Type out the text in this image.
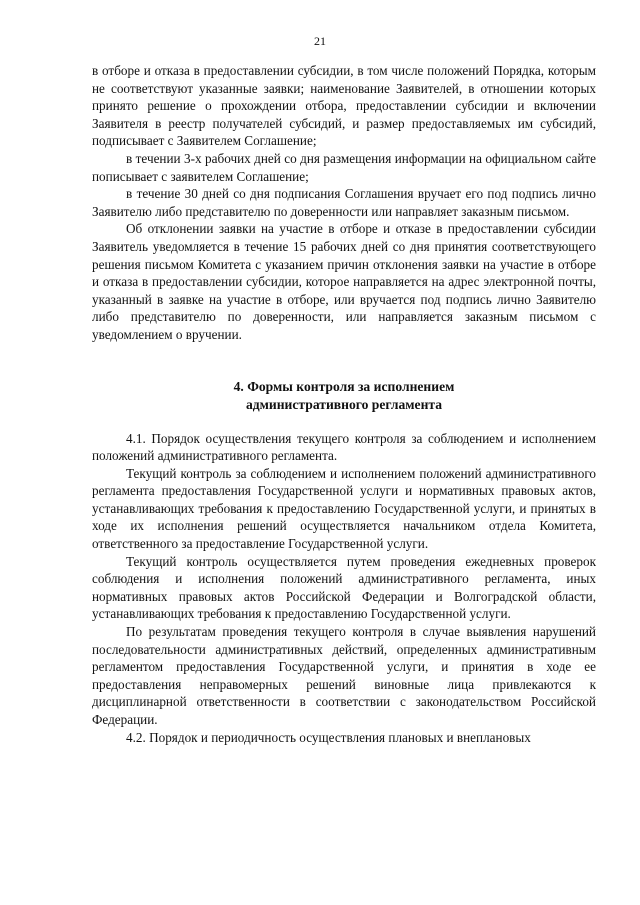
21

в отборе и отказа в предоставлении субсидии, в том числе положений Порядка, которым не соответствуют указанные заявки; наименование Заявителей, в отношении которых принято решение о прохождении отбора, предоставлении субсидии и включении Заявителя в реестр получателей субсидий, и размер предоставляемых им субсидий, подписывает с Заявителем Соглашение;

в течении 3-х рабочих дней со дня размещения информации на официальном сайте пописывает с заявителем Соглашение;

в течение 30 дней со дня подписания Соглашения вручает его под подпись лично Заявителю либо представителю по доверенности или направляет заказным письмом.

Об отклонении заявки на участие в отборе и отказе в предоставлении субсидии Заявитель уведомляется в течение 15 рабочих дней со дня принятия соответствующего решения письмом Комитета с указанием причин отклонения заявки на участие в отборе и отказа в предоставлении субсидии, которое направляется на адрес электронной почты, указанный в заявке на участие в отборе, или вручается под подпись лично Заявителю либо представителю по доверенности, или направляется заказным письмом с уведомлением о вручении.

4. Формы контроля за исполнением
административного регламента

4.1. Порядок осуществления текущего контроля за соблюдением и исполнением положений административного регламента.

Текущий контроль за соблюдением и исполнением положений административного регламента предоставления Государственной услуги и нормативных правовых актов, устанавливающих требования к предоставлению Государственной услуги, и принятых в ходе их исполнения решений осуществляется начальником отдела Комитета, ответственного за предоставление Государственной услуги.

Текущий контроль осуществляется путем проведения ежедневных проверок соблюдения и исполнения положений административного регламента, иных нормативных правовых актов Российской Федерации и Волгоградской области, устанавливающих требования к предоставлению Государственной услуги.

По результатам проведения текущего контроля в случае выявления нарушений последовательности административных действий, определенных административным регламентом предоставления Государственной услуги, и принятия в ходе ее предоставления неправомерных решений виновные лица привлекаются к дисциплинарной ответственности в соответствии с законодательством Российской Федерации.

4.2. Порядок и периодичность осуществления плановых и внеплановых
